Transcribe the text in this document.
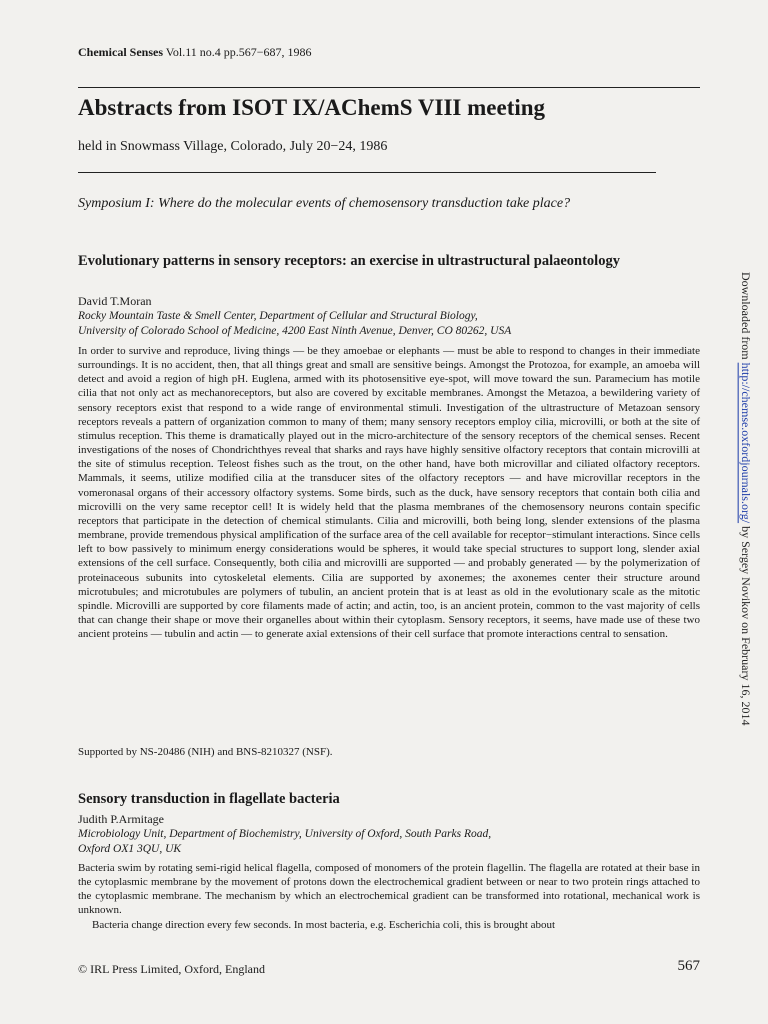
Chemical Senses Vol.11 no.4 pp.567−687, 1986
Abstracts from ISOT IX/AChemS VIII meeting
held in Snowmass Village, Colorado, July 20−24, 1986
Symposium I: Where do the molecular events of chemosensory transduction take place?
Evolutionary patterns in sensory receptors: an exercise in ultrastructural palaeontology
David T.Moran
Rocky Mountain Taste & Smell Center, Department of Cellular and Structural Biology,
University of Colorado School of Medicine, 4200 East Ninth Avenue, Denver, CO 80262, USA

In order to survive and reproduce, living things — be they amoebae or elephants — must be able to respond to changes in their immediate surroundings. It is no accident, then, that all things great and small are sensitive beings. Amongst the Protozoa, for example, an amoeba will detect and avoid a region of high pH. Euglena, armed with its photosensitive eye-spot, will move toward the sun. Paramecium has motile cilia that not only act as mechanoreceptors, but also are covered by excitable membranes. Amongst the Metazoa, a bewildering variety of sensory receptors exist that respond to a wide range of environmental stimuli. Investigation of the ultrastructure of Metazoan sensory receptors reveals a pattern of organization common to many of them; many sensory receptors employ cilia, microvilli, or both at the site of stimulus reception. This theme is dramatically played out in the micro-architecture of the sensory receptors of the chemical senses. Recent investigations of the noses of Chondrichthyes reveal that sharks and rays have highly sensitive olfactory receptors that contain microvilli at the site of stimulus reception. Teleost fishes such as the trout, on the other hand, have both microvillar and ciliated olfactory receptors. Mammals, it seems, utilize modified cilia at the transducer sites of the olfactory receptors — and have microvillar receptors in the vomeronasal organs of their accessory olfactory systems. Some birds, such as the duck, have sensory receptors that contain both cilia and microvilli on the very same receptor cell! It is widely held that the plasma membranes of the chemosensory neurons contain specific receptors that participate in the detection of chemical stimulants. Cilia and microvilli, both being long, slender extensions of the plasma membrane, provide tremendous physical amplification of the surface area of the cell available for receptor−stimulant interactions. Since cells left to bow passively to minimum energy considerations would be spheres, it would take special structures to support long, slender axial extensions of the cell surface. Consequently, both cilia and microvilli are supported — and probably generated — by the polymerization of proteinaceous subunits into cytoskeletal elements. Cilia are supported by axonemes; the axonemes center their structure around microtubules; and microtubules are polymers of tubulin, an ancient protein that is at least as old in the evolutionary scale as the mitotic spindle. Microvilli are supported by core filaments made of actin; and actin, too, is an ancient protein, common to the vast majority of cells that can change their shape or move their organelles about within their cytoplasm. Sensory receptors, it seems, have made use of these two ancient proteins — tubulin and actin — to generate axial extensions of their cell surface that promote interactions central to sensation.

Supported by NS-20486 (NIH) and BNS-8210327 (NSF).
Sensory transduction in flagellate bacteria
Judith P.Armitage
Microbiology Unit, Department of Biochemistry, University of Oxford, South Parks Road,
Oxford OX1 3QU, UK

Bacteria swim by rotating semi-rigid helical flagella, composed of monomers of the protein flagellin. The flagella are rotated at their base in the cytoplasmic membrane by the movement of protons down the electrochemical gradient between or near to two protein rings attached to the cytoplasmic membrane. The mechanism by which an electrochemical gradient can be transformed into rotational, mechanical work is unknown.

Bacteria change direction every few seconds. In most bacteria, e.g. Escherichia coli, this is brought about

© IRL Press Limited, Oxford, England	567
Downloaded from http://chemse.oxfordjournals.org/ by Sergey Novikov on February 16, 2014
